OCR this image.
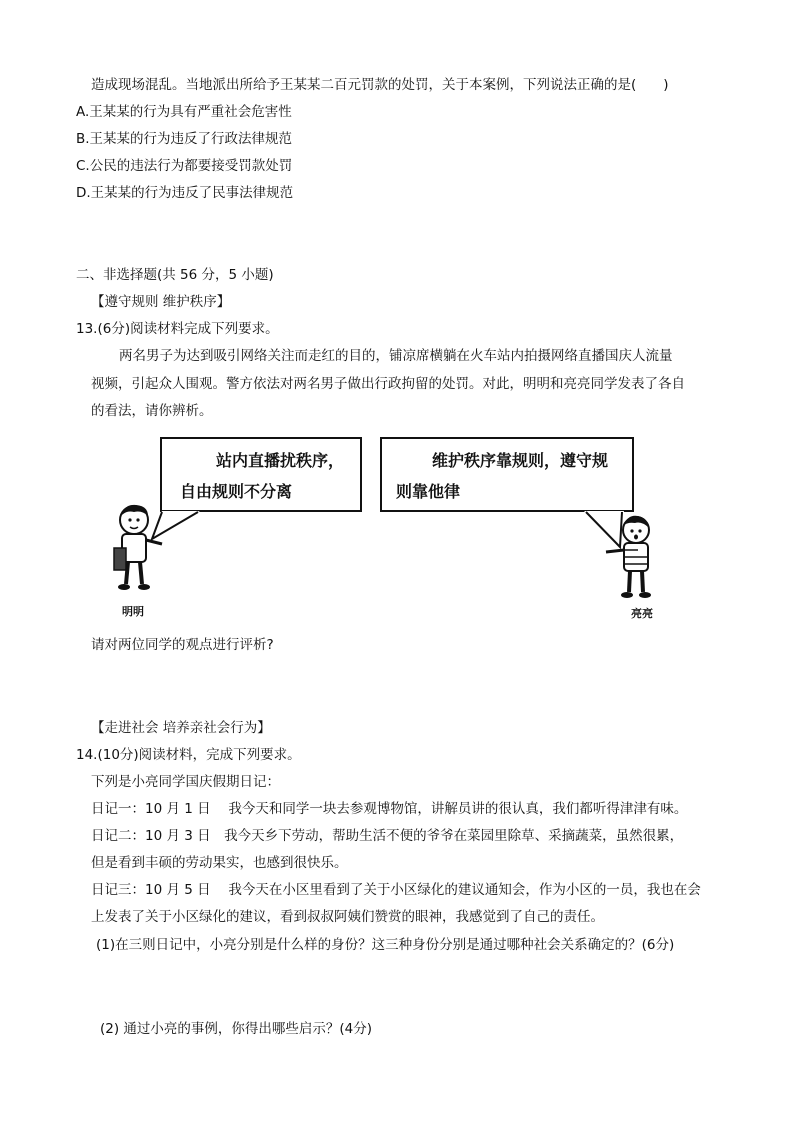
造成现场混乱。当地派出所给予王某某二百元罚款的处罚，关于本案例，下列说法正确的是(　　)
A.王某某的行为具有严重社会危害性
B.王某某的行为违反了行政法律规范
C.公民的违法行为都要接受罚款处罚
D.王某某的行为违反了民事法律规范
二、非选择题(共 56 分，5 小题)
【遵守规则 维护秩序】
13.(6分)阅读材料完成下列要求。
两名男子为达到吸引网络关注而走红的目的，铺凉席横躺在火车站内拍摄网络直播国庆人流量
视频，引起众人围观。警方依法对两名男子做出行政拘留的处罚。对此，明明和亮亮同学发表了各自
的看法，请你辨析。
站内直播扰秩序，
自由规则不分离
维护秩序靠规则，遵守规
则靠他律
明明	亮亮
请对两位同学的观点进行评析?
【走进社会 培养亲社会行为】
14.(10分)阅读材料，完成下列要求。
下列是小亮同学国庆假期日记：
日记一：10 月 1 日　 我今天和同学一块去参观博物馆，讲解员讲的很认真，我们都听得津津有味。
日记二：10 月 3 日　我今天乡下劳动，帮助生活不便的爷爷在菜园里除草、采摘蔬菜，虽然很累，
但是看到丰硕的劳动果实，也感到很快乐。
日记三：10 月 5 日　 我今天在小区里看到了关于小区绿化的建议通知会，作为小区的一员，我也在会
上发表了关于小区绿化的建议，看到叔叔阿姨们赞赏的眼神，我感觉到了自己的责任。
(1)在三则日记中，小亮分别是什么样的身份？这三种身份分别是通过哪种社会关系确定的？(6分)
(2) 通过小亮的事例，你得出哪些启示？(4分)
